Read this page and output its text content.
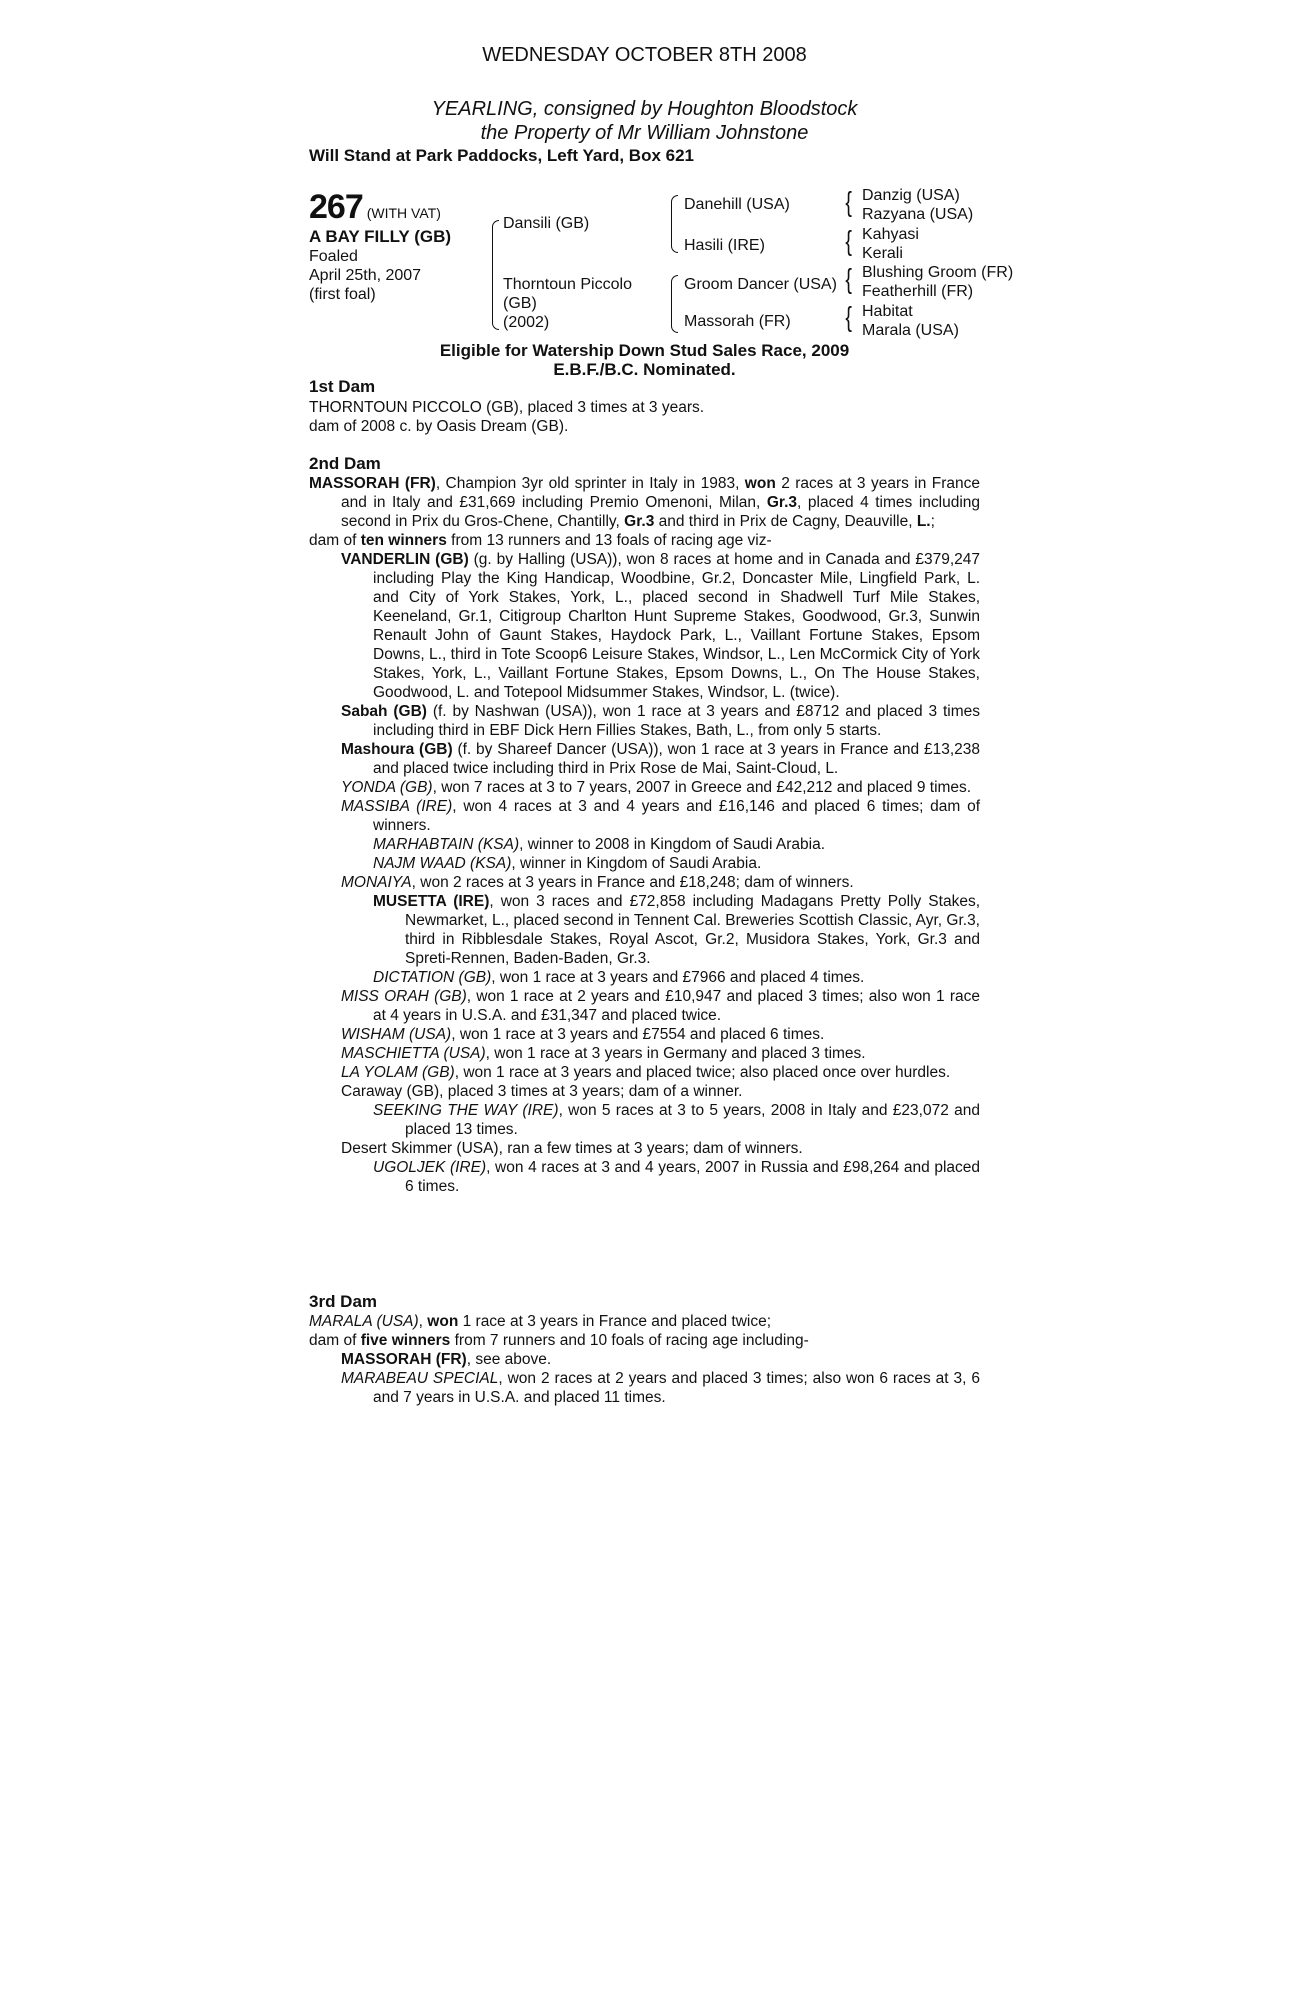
WEDNESDAY OCTOBER 8TH 2008
YEARLING, consigned by Houghton Bloodstock
the Property of Mr William Johnstone
Will Stand at Park Paddocks, Left Yard, Box 621
267 (WITH VAT)
A BAY FILLY (GB)
Foaled
April 25th, 2007
(first foal)
Dansili (GB)
Thorntoun Piccolo
(GB)
(2002)
Danehill (USA)
Hasili (IRE)
Groom Dancer (USA)
Massorah (FR)
{
{
{
{
Danzig (USA)
Razyana (USA)
Kahyasi
Kerali
Blushing Groom (FR)
Featherhill (FR)
Habitat
Marala (USA)
Eligible for Watership Down Stud Sales Race, 2009
E.B.F./B.C. Nominated.
1st Dam

THORNTOUN PICCOLO (GB), placed 3 times at 3 years.

dam of 2008 c. by Oasis Dream (GB).

2nd Dam

MASSORAH (FR), Champion 3yr old sprinter in Italy in 1983, won 2 races at 3 years in France and in Italy and £31,669 including Premio Omenoni, Milan, Gr.3, placed 4 times including second in Prix du Gros-Chene, Chantilly, Gr.3 and third in Prix de Cagny, Deauville, L.;

dam of ten winners from 13 runners and 13 foals of racing age viz-

VANDERLIN (GB) (g. by Halling (USA)), won 8 races at home and in Canada and £379,247 including Play the King Handicap, Woodbine, Gr.2, Doncaster Mile, Lingfield Park, L. and City of York Stakes, York, L., placed second in Shadwell Turf Mile Stakes, Keeneland, Gr.1, Citigroup Charlton Hunt Supreme Stakes, Goodwood, Gr.3, Sunwin Renault John of Gaunt Stakes, Haydock Park, L., Vaillant Fortune Stakes, Epsom Downs, L., third in Tote Scoop6 Leisure Stakes, Windsor, L., Len McCormick City of York Stakes, York, L., Vaillant Fortune Stakes, Epsom Downs, L., On The House Stakes, Goodwood, L. and Totepool Midsummer Stakes, Windsor, L. (twice).

Sabah (GB) (f. by Nashwan (USA)), won 1 race at 3 years and £8712 and placed 3 times including third in EBF Dick Hern Fillies Stakes, Bath, L., from only 5 starts.

Mashoura (GB) (f. by Shareef Dancer (USA)), won 1 race at 3 years in France and £13,238 and placed twice including third in Prix Rose de Mai, Saint-Cloud, L.

YONDA (GB), won 7 races at 3 to 7 years, 2007 in Greece and £42,212 and placed 9 times.

MASSIBA (IRE), won 4 races at 3 and 4 years and £16,146 and placed 6 times; dam of winners.

MARHABTAIN (KSA), winner to 2008 in Kingdom of Saudi Arabia.

NAJM WAAD (KSA), winner in Kingdom of Saudi Arabia.

MONAIYA, won 2 races at 3 years in France and £18,248; dam of winners.

MUSETTA (IRE), won 3 races and £72,858 including Madagans Pretty Polly Stakes, Newmarket, L., placed second in Tennent Cal. Breweries Scottish Classic, Ayr, Gr.3, third in Ribblesdale Stakes, Royal Ascot, Gr.2, Musidora Stakes, York, Gr.3 and Spreti-Rennen, Baden-Baden, Gr.3.

DICTATION (GB), won 1 race at 3 years and £7966 and placed 4 times.

MISS ORAH (GB), won 1 race at 2 years and £10,947 and placed 3 times; also won 1 race at 4 years in U.S.A. and £31,347 and placed twice.

WISHAM (USA), won 1 race at 3 years and £7554 and placed 6 times.

MASCHIETTA (USA), won 1 race at 3 years in Germany and placed 3 times.

LA YOLAM (GB), won 1 race at 3 years and placed twice; also placed once over hurdles.

Caraway (GB), placed 3 times at 3 years; dam of a winner.

SEEKING THE WAY (IRE), won 5 races at 3 to 5 years, 2008 in Italy and £23,072 and placed 13 times.

Desert Skimmer (USA), ran a few times at 3 years; dam of winners.

UGOLJEK (IRE), won 4 races at 3 and 4 years, 2007 in Russia and £98,264 and placed 6 times.

3rd Dam

MARALA (USA), won 1 race at 3 years in France and placed twice;

dam of five winners from 7 runners and 10 foals of racing age including-

MASSORAH (FR), see above.

MARABEAU SPECIAL, won 2 races at 2 years and placed 3 times; also won 6 races at 3, 6 and 7 years in U.S.A. and placed 11 times.
